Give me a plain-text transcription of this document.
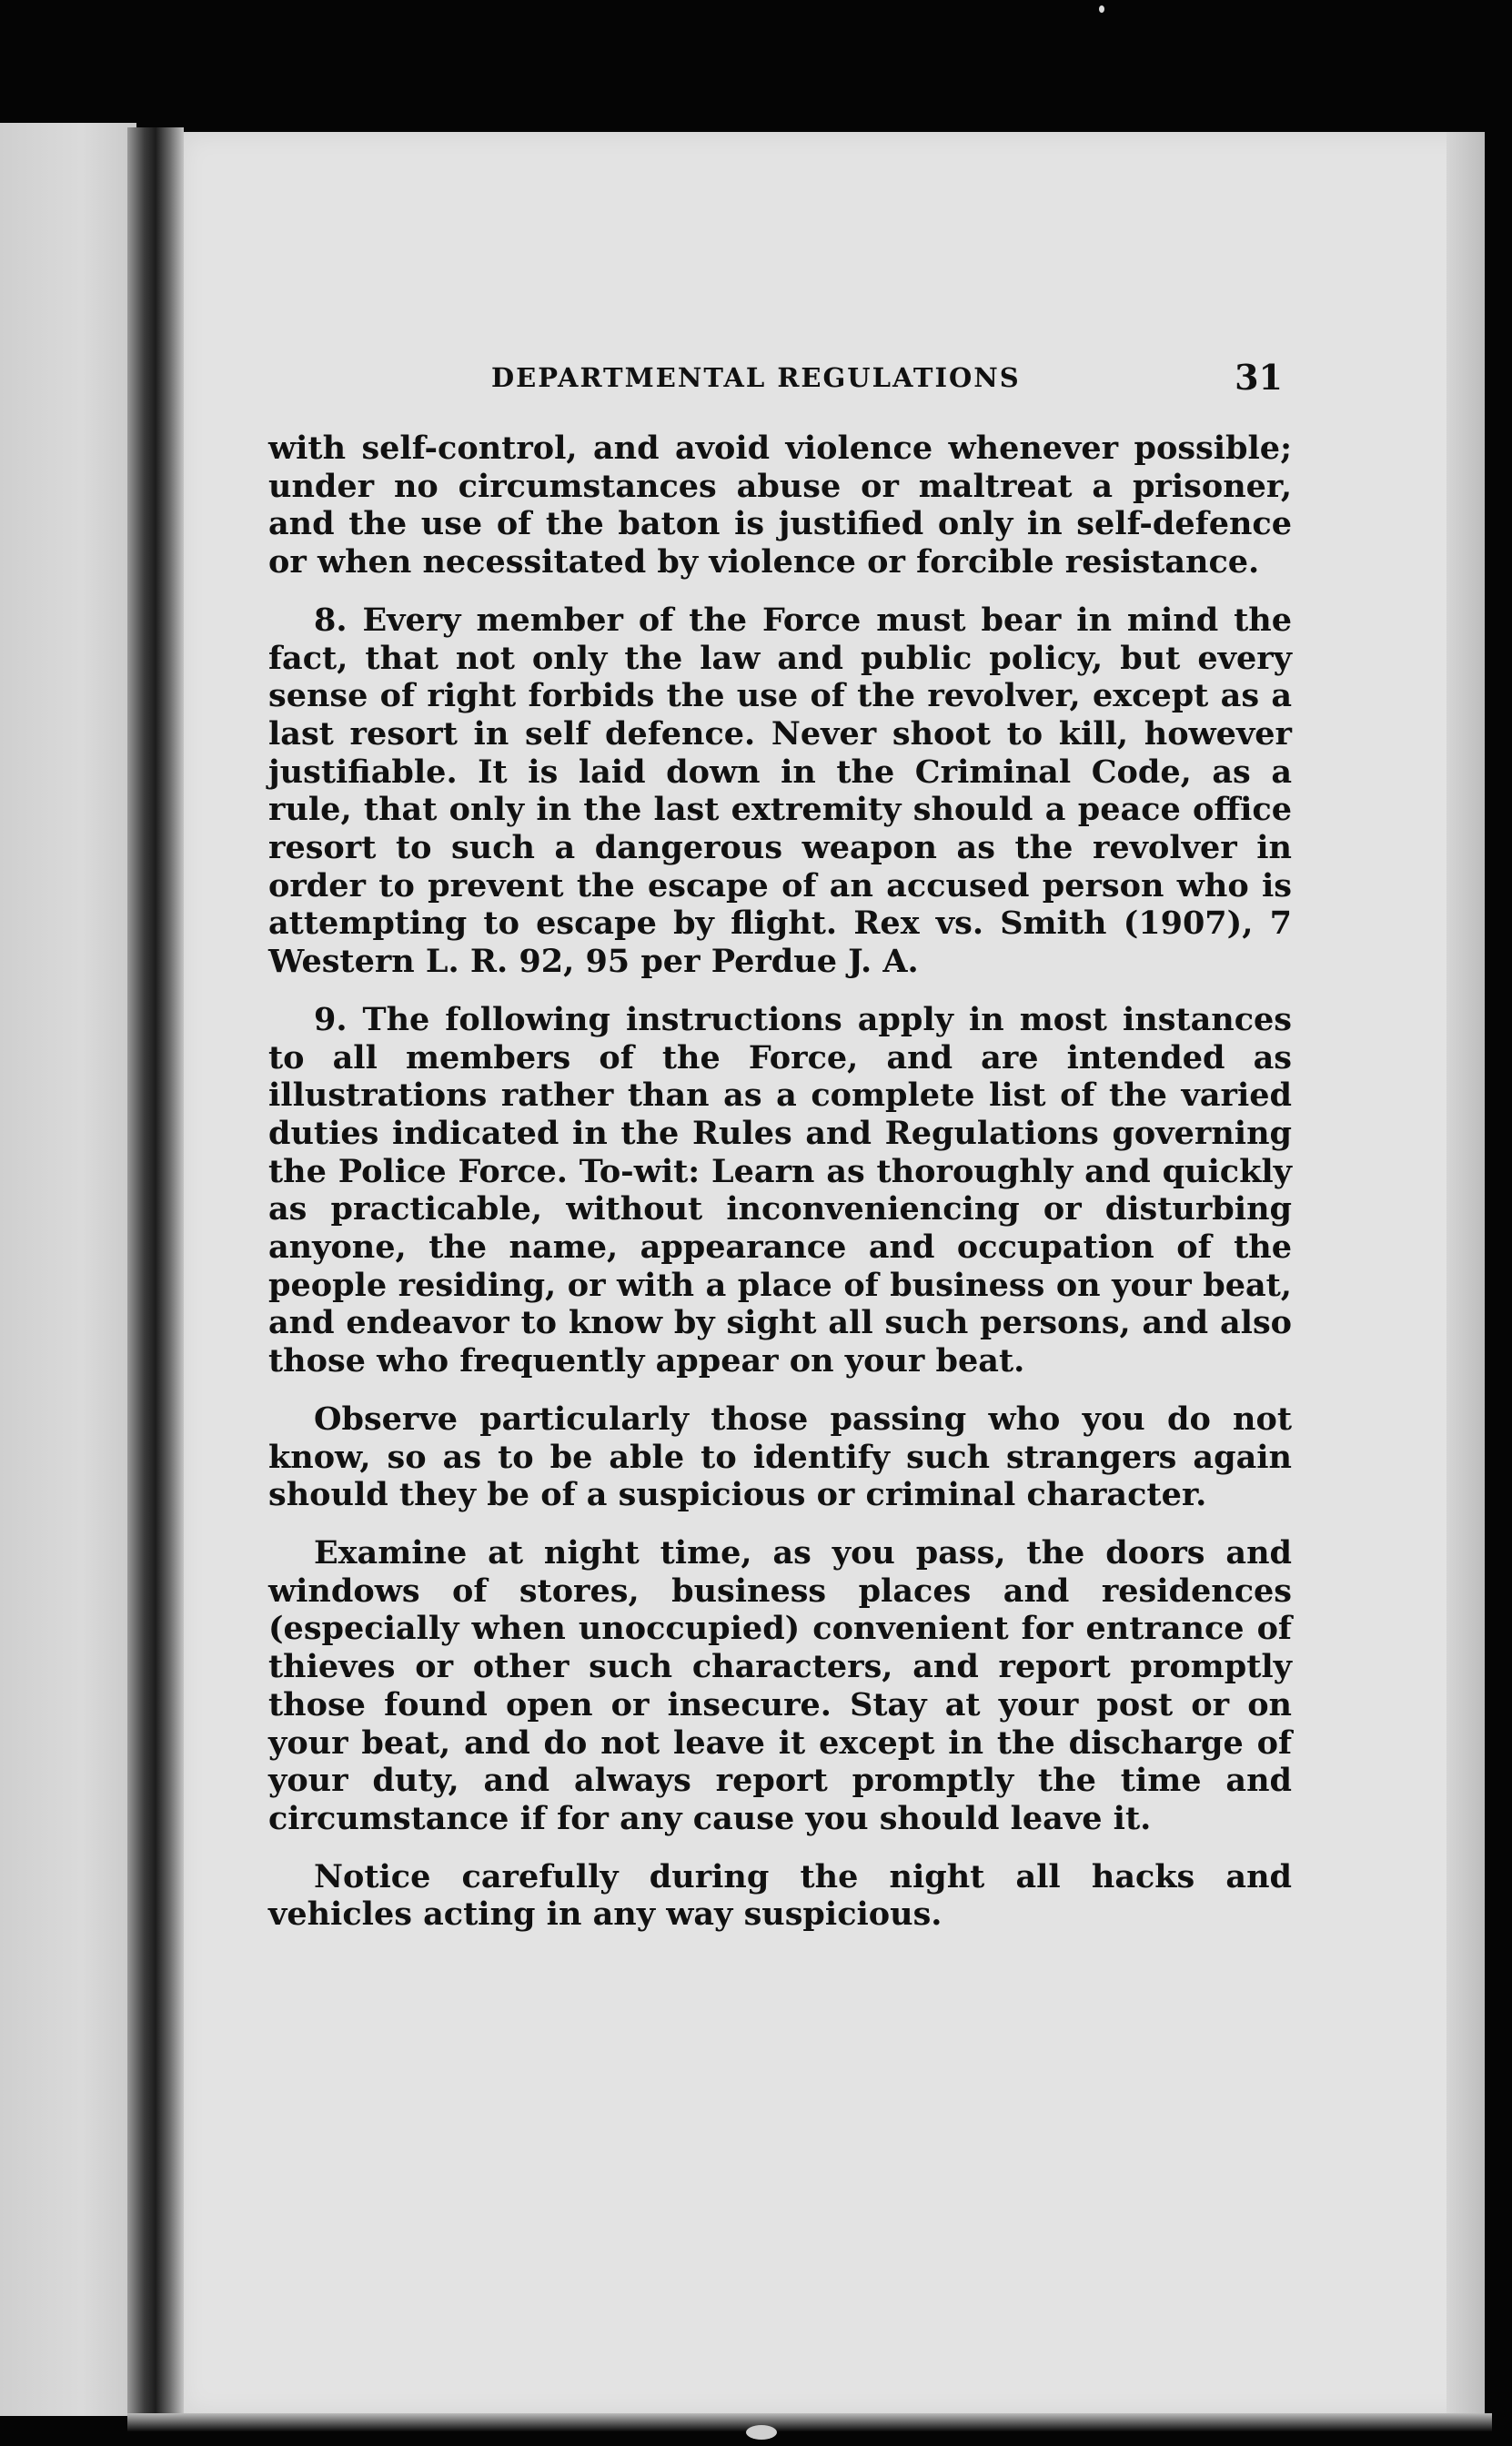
DEPARTMENTAL REGULATIONS	31

with self-control, and avoid violence whenever possible; under no circumstances abuse or maltreat a prisoner, and the use of the baton is justified only in self-defence or when necessitated by violence or forcible resistance.

8. Every member of the Force must bear in mind the fact, that not only the law and public policy, but every sense of right forbids the use of the revolver, except as a last resort in self defence. Never shoot to kill, however justifiable. It is laid down in the Criminal Code, as a rule, that only in the last extremity should a peace office resort to such a dangerous weapon as the revolver in order to prevent the escape of an accused person who is attempting to escape by flight. Rex vs. Smith (1907), 7 Western L. R. 92, 95 per Perdue J. A.

9. The following instructions apply in most instances to all members of the Force, and are intended as illustrations rather than as a complete list of the varied duties indicated in the Rules and Regulations governing the Police Force. To-wit: Learn as thoroughly and quickly as practicable, without inconveniencing or disturbing anyone, the name, appearance and occupation of the people residing, or with a place of business on your beat, and endeavor to know by sight all such persons, and also those who frequently appear on your beat.

Observe particularly those passing who you do not know, so as to be able to identify such strangers again should they be of a suspicious or criminal character.

Examine at night time, as you pass, the doors and windows of stores, business places and residences (especially when unoccupied) convenient for entrance of thieves or other such characters, and report promptly those found open or insecure. Stay at your post or on your beat, and do not leave it except in the discharge of your duty, and always report promptly the time and circumstance if for any cause you should leave it.

Notice carefully during the night all hacks and vehicles acting in any way suspicious.
